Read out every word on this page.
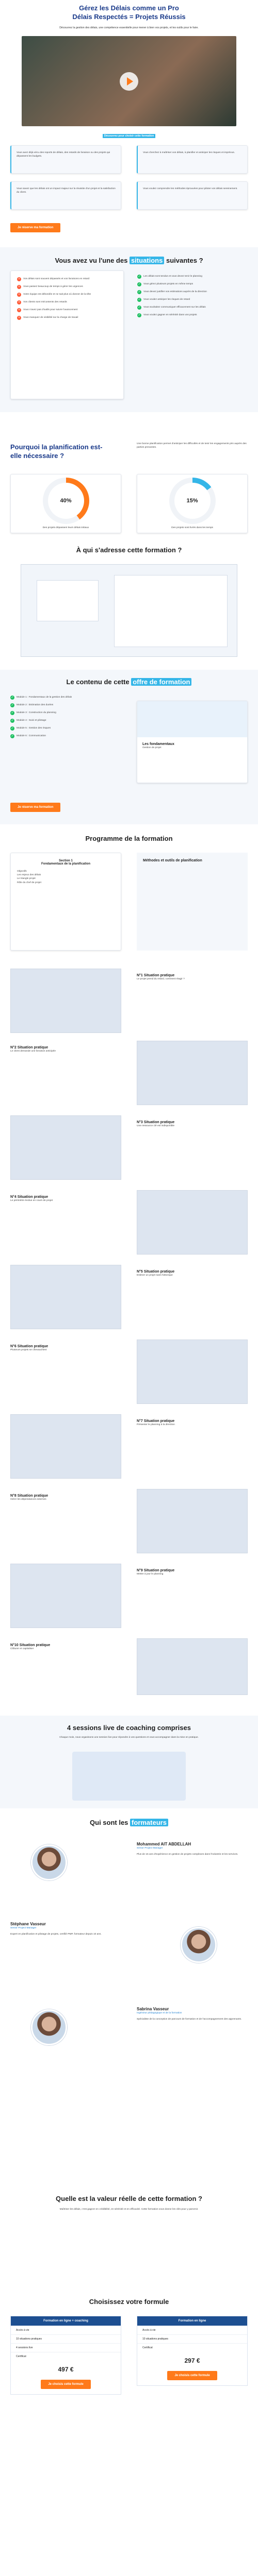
Gérez les Délais comme un Pro
Délais Respectés = Projets Réussis
Découvrez la gestion des délais, une compétence essentielle pour mener à bien vos projets, et les outils pour le faire.
Découvrez pour choisir cette formation
Vous avez déjà vécu des reports de délais, des retards de livraison ou des projets qui dépassent les budgets.
Vous cherchez à maîtriser vos délais, à planifier et anticiper les risques et imprévus.
Vous savez que les délais ont un impact majeur sur la réussite d'un projet et la satisfaction du client.
Vous voulez comprendre les méthodes éprouvées pour piloter vos délais sereinement.
Je réserve ma formation
Vous avez vu l'une des situations suivantes ?
×	Vos délais sont souvent dépassés et vos livraisons en retard
×	Vous passez beaucoup de temps à gérer les urgences
×	Votre équipe est débordée et ne sait plus où donner de la tête
×	Vos clients sont mécontents des retards
×	Vous n'avez pas d'outils pour suivre l'avancement
×	Vous manquez de visibilité sur la charge de travail
✓	Les délais sont tendus et vous devez tenir le planning
✓	Vous gérez plusieurs projets en même temps
✓	Vous devez justifier vos estimations auprès de la direction
✓	Vous voulez anticiper les risques de retard
✓	Vous souhaitez communiquer efficacement sur les délais
✓	Vous voulez gagner en sérénité dans vos projets
Pourquoi la planification est-elle nécessaire ?
Une bonne planification permet d'anticiper les difficultés et de tenir les engagements pris auprès des parties prenantes.
40%
Des projets dépassent leurs délais initiaux
15%
Des projets sont livrés dans les temps
À qui s'adresse cette formation ?
Le contenu de cette offre de formation
✓	Module 1 : Fondamentaux de la gestion des délais
✓	Module 2 : Estimation des durées
✓	Module 3 : Construction du planning
✓	Module 4 : Suivi et pilotage
✓	Module 5 : Gestion des risques
✓	Module 6 : Communication
Les fondamentaux
Gestion de projet
Je réserve ma formation
Programme de la formation
Section 1
Fondamentaux de la planification
Objectifs
Les enjeux des délais
Le triangle projet
Rôle du chef de projet
Méthodes et outils de planification
N°1 Situation pratique
Le projet prend du retard, comment réagir ?
N°2 Situation pratique
Le client demande une livraison anticipée
N°3 Situation pratique
Une ressource clé est indisponible
N°4 Situation pratique
Le périmètre évolue en cours de projet
N°5 Situation pratique
Estimer un projet sans historique
N°6 Situation pratique
Plusieurs projets se chevauchent
N°7 Situation pratique
Présenter le planning à la direction
N°8 Situation pratique
Gérer les dépendances externes
N°9 Situation pratique
Mettre à jour le planning
N°10 Situation pratique
Clôturer et capitaliser
4 sessions live de coaching comprises
Chaque mois, nous organisons une session live pour répondre à vos questions et vous accompagner dans la mise en pratique.
Qui sont les formateurs
Mohammed AIT ABDELLAH
Senior Project Manager
Plus de 15 ans d'expérience en gestion de projets complexes dans l'industrie et les services.
Stéphane Vasseur
Senior Project Manager
Expert en planification et pilotage de projets, certifié PMP, formateur depuis 10 ans.
Sabrina Vasseur
Ingénieur pédagogique et de la formation
Spécialiste de la conception de parcours de formation et de l'accompagnement des apprenants.
Quelle est la valeur réelle de cette formation ?
Maîtriser les délais, c'est gagner en crédibilité, en sérénité et en efficacité. Cette formation vous donne les clés pour y parvenir.
Choisissez votre formule
Formation en ligne + coaching
Accès à vie
10 situations pratiques
4 sessions live
Certificat
497 €
Je choisis cette formule
Formation en ligne
Accès à vie
10 situations pratiques
Certificat
297 €
Je choisis cette formule
